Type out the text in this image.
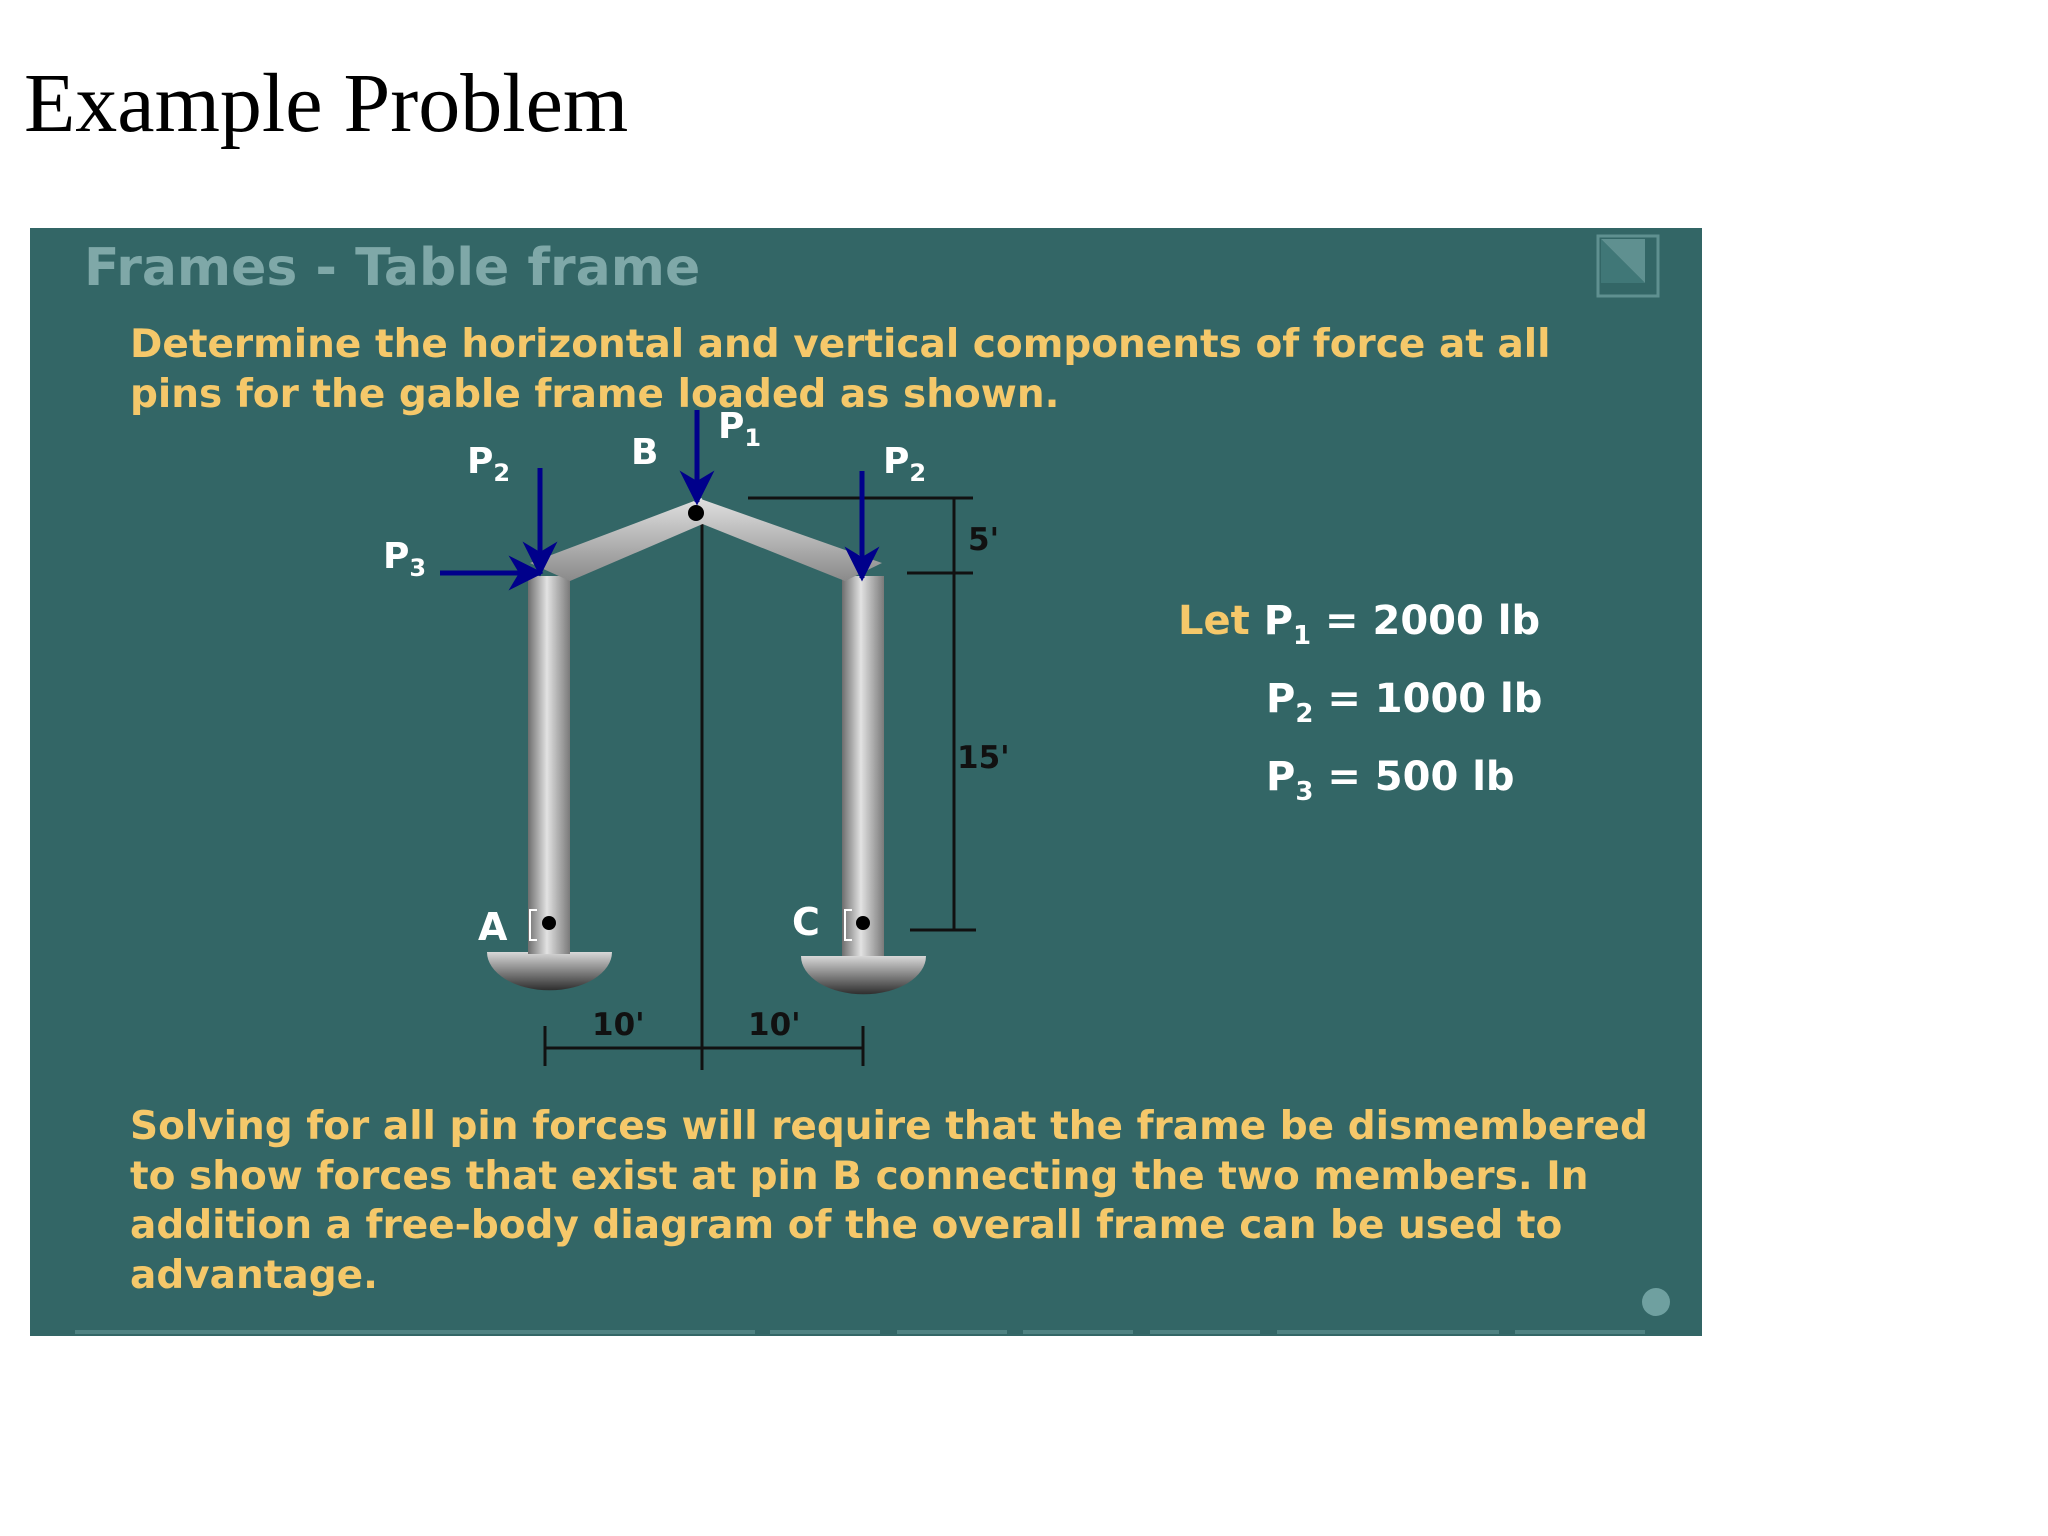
Example Problem
Frames - Table frame
Determine the horizontal and vertical components of force at all pins for the gable frame loaded as shown.
$P_1$
B
$P_2$	$P_2$
$P_3$
A	C
5'
15'
10'	10'
Let $P_1 = 2000$ lb
$P_2 = 1000$ lb
$P_3 = 500$ lb
Solving for all pin forces will require that the frame be dismembered to show forces that exist at pin B connecting the two members. In addition a free-body diagram of the overall frame can be used to advantage.
